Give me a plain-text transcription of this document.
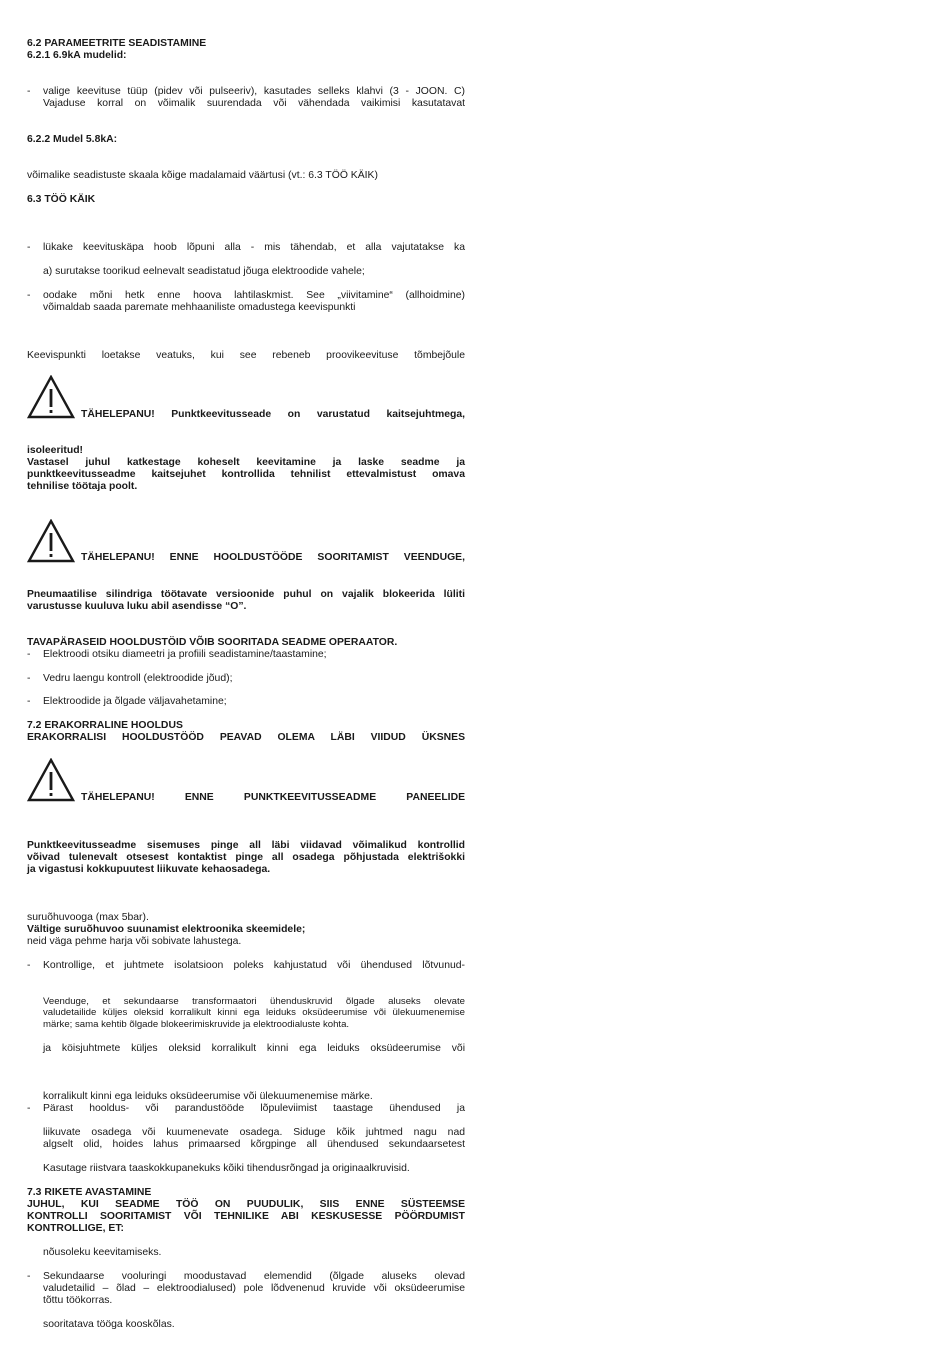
6.2 PARAMEETRITE SEADISTAMINE
6.2.1 6.9kA mudelid:
- valige keevituse tüüp (pidev või pulseeriv), kasutades selleks klahvi (3 - JOON. C)
Vajaduse korral on võimalik suurendada või vähendada vaikimisi kasutatavat
6.2.2 Mudel 5.8kA:
võimalike seadistuste skaala kõige madalamaid väärtusi (vt.: 6.3 TÖÖ KÄIK)
6.3 TÖÖ KÄIK
- lükake keevituskäpa hoob lõpuni alla - mis tähendab, et alla vajutatakse ka
a) surutakse toorikud eelnevalt seadistatud jõuga elektroodide vahele;
- oodake mõni hetk enne hoova lahtilaskmist. See „viivitamine“ (allhoidmine)
võimaldab saada paremate mehhaaniliste omadustega keevispunkti
Keevispunkti loetakse veatuks, kui see rebeneb proovikeevituse tõmbejõule
TÄHELEPANU! Punktkeevitusseade on varustatud kaitsejuhtmega,
isoleeritud!
Vastasel juhul katkestage koheselt keevitamine ja laske seadme ja
punktkeevitusseadme kaitsejuhet kontrollida tehnilist ettevalmistust omava
tehnilise töötaja poolt.
TÄHELEPANU! ENNE HOOLDUSTÖÖDE SOORITAMIST VEENDUGE,
Pneumaatilise silindriga töötavate versioonide puhul on vajalik blokeerida lüliti
varustusse kuuluva luku abil asendisse “O”.
TAVAPÄRASEID HOOLDUSTÖID VÕIB SOORITADA SEADME OPERAATOR.
- Elektroodi otsiku diameetri ja profiili seadistamine/taastamine;
- Vedru laengu kontroll (elektroodide jõud);
- Elektroodide ja õlgade väljavahetamine;
7.2 ERAKORRALINE HOOLDUS
ERAKORRALISI HOOLDUSTÖÖD PEAVAD OLEMA LÄBI VIIDUD ÜKSNES
TÄHELEPANU! ENNE PUNKTKEEVITUSSEADME PANEELIDE
Punktkeevitusseadme sisemuses pinge all läbi viidavad võimalikud kontrollid
võivad tulenevalt otsesest kontaktist pinge all osadega põhjustada elektrišokki
ja vigastusi kokkupuutest liikuvate kehaosadega.
suruõhuvooga (max 5bar).
Vältige suruõhuvoo suunamist elektroonika skeemidele;
neid väga pehme harja või sobivate lahustega.
- Kontrollige, et juhtmete isolatsioon poleks kahjustatud või ühendused lõtvunud-
Veenduge, et sekundaarse transformaatori ühenduskruvid õlgade aluseks olevate
valudetailide küljes oleksid korralikult kinni ega leiduks oksüdeerumise või ülekuumenemise
märke; sama kehtib õlgade blokeerimiskruvide ja elektroodialuste kohta.
ja köisjuhtmete küljes oleksid korralikult kinni ega leiduks oksüdeerumise või
korralikult kinni ega leiduks oksüdeerumise või ülekuumenemise märke.
- Pärast hooldus- või parandustööde lõpuleviimist taastage ühendused ja
liikuvate osadega või kuumenevate osadega. Siduge kõik juhtmed nagu nad
algselt olid, hoides lahus primaarsed kõrgpinge all ühendused sekundaarsetest
Kasutage riistvara taaskokkupanekuks kõiki tihendusrõngad ja originaalkruvisid.
7.3 RIKETE AVASTAMINE
JUHUL, KUI SEADME TÖÖ ON PUUDULIK, SIIS ENNE SÜSTEEMSE
KONTROLLI SOORITAMIST VÕI TEHNILIKE ABI KESKUSESSE PÖÖRDUMIST
KONTROLLIGE, ET:
nõusoleku keevitamiseks.
- Sekundaarse vooluringi moodustavad elemendid (õlgade aluseks olevad
valudetailid – õlad – elektroodialused) pole lõdvenenud kruvide või oksüdeerumise
tõttu töökorras.
sooritatava tööga kooskõlas.
